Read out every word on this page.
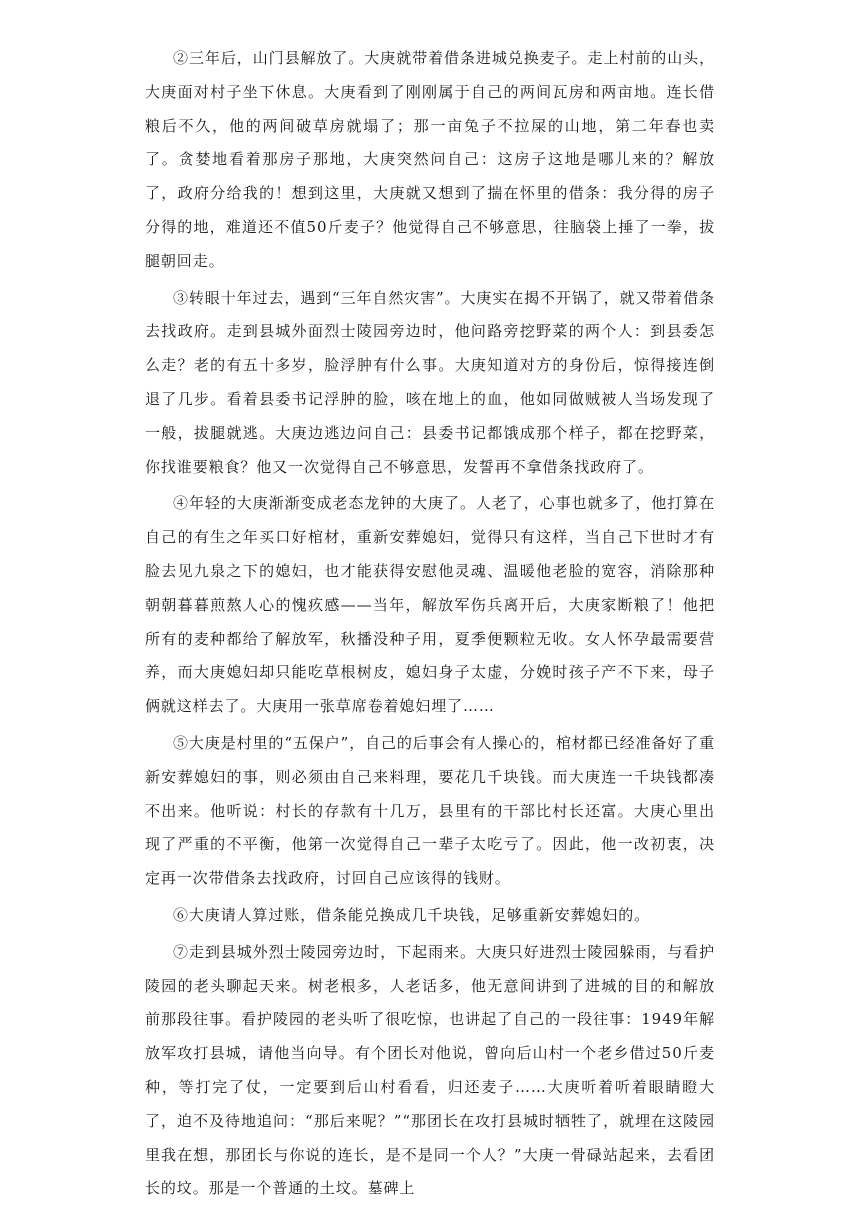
②三年后，山门县解放了。大庚就带着借条进城兑换麦子。走上村前的山头，大庚面对村子坐下休息。大庚看到了刚刚属于自己的两间瓦房和两亩地。连长借粮后不久，他的两间破草房就塌了；那一亩兔子不拉屎的山地，第二年春也卖了。贪婪地看着那房子那地，大庚突然问自己：这房子这地是哪儿来的？解放了，政府分给我的！想到这里，大庚就又想到了揣在怀里的借条：我分得的房子分得的地，难道还不值50斤麦子？他觉得自己不够意思，往脑袋上捶了一拳，拔腿朝回走。

③转眼十年过去，遇到“三年自然灾害”。大庚实在揭不开锅了，就又带着借条去找政府。走到县城外面烈士陵园旁边时，他问路旁挖野菜的两个人：到县委怎么走？老的有五十多岁，脸浮肿有什么事。大庚知道对方的身份后，惊得接连倒退了几步。看着县委书记浮肿的脸，咳在地上的血，他如同做贼被人当场发现了一般，拔腿就逃。大庚边逃边问自己：县委书记都饿成那个样子，都在挖野菜，你找谁要粮食？他又一次觉得自己不够意思，发誓再不拿借条找政府了。

④年轻的大庚渐渐变成老态龙钟的大庚了。人老了，心事也就多了，他打算在自己的有生之年买口好棺材，重新安葬媳妇，觉得只有这样，当自己下世时才有脸去见九泉之下的媳妇，也才能获得安慰他灵魂、温暖他老脸的宽容，消除那种朝朝暮暮煎熬人心的愧疚感——当年，解放军伤兵离开后，大庚家断粮了！他把所有的麦种都给了解放军，秋播没种子用，夏季便颗粒无收。女人怀孕最需要营养，而大庚媳妇却只能吃草根树皮，媳妇身子太虚，分娩时孩子产不下来，母子俩就这样去了。大庚用一张草席卷着媳妇埋了……

⑤大庚是村里的“五保户”，自己的后事会有人操心的，棺材都已经准备好了重新安葬媳妇的事，则必须由自己来料理，要花几千块钱。而大庚连一千块钱都凑不出来。他听说：村长的存款有十几万，县里有的干部比村长还富。大庚心里出现了严重的不平衡，他第一次觉得自己一辈子太吃亏了。因此，他一改初衷，决定再一次带借条去找政府，讨回自己应该得的钱财。

⑥大庚请人算过账，借条能兑换成几千块钱，足够重新安葬媳妇的。

⑦走到县城外烈士陵园旁边时，下起雨来。大庚只好进烈士陵园躲雨，与看护陵园的老头聊起天来。树老根多，人老话多，他无意间讲到了进城的目的和解放前那段往事。看护陵园的老头听了很吃惊，也讲起了自己的一段往事：1949年解放军攻打县城，请他当向导。有个团长对他说，曾向后山村一个老乡借过50斤麦种，等打完了仗，一定要到后山村看看，归还麦子……大庚听着听着眼睛瞪大了，迫不及待地追问：“那后来呢？”“那团长在攻打县城时牺牲了，就埋在这陵园里我在想，那团长与你说的连长，是不是同一个人？”大庚一骨碌站起来，去看团长的坟。那是一个普通的土坟。墓碑上
